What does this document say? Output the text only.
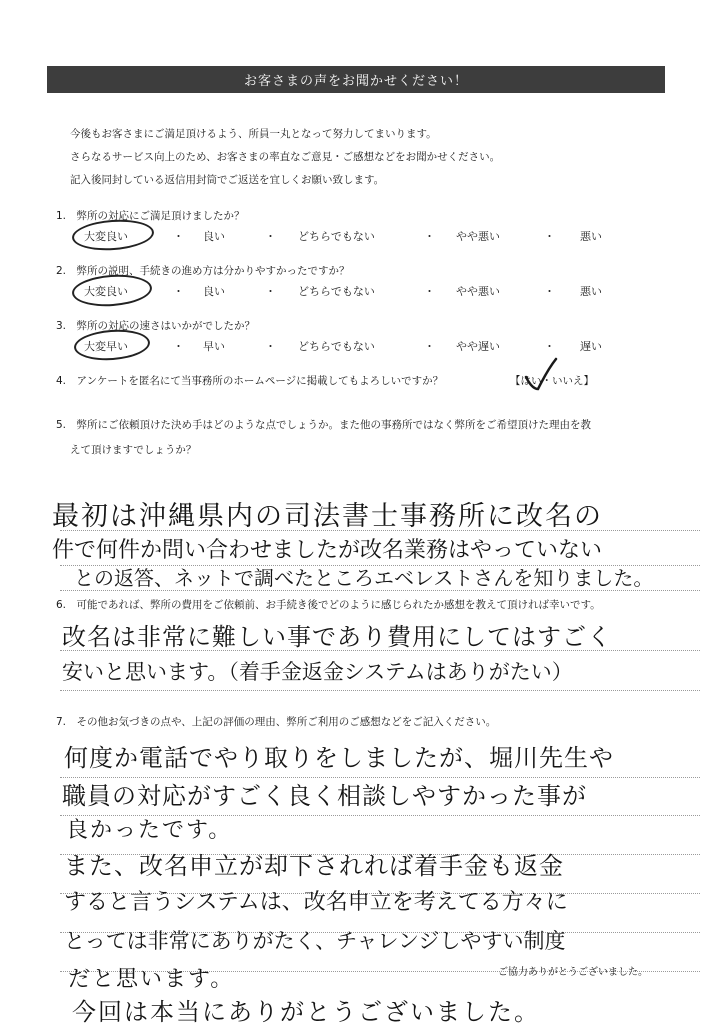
お客さまの声をお聞かせください！
今後もお客さまにご満足頂けるよう、所員一丸となって努力してまいります。
さらなるサービス向上のため、お客さまの率直なご意見・ご感想などをお聞かせください。
記入後同封している返信用封筒でご返送を宜しくお願い致します。
1.　弊所の対応にご満足頂けましたか？
大変良い	・ 良い	・ どちらでもない	・ やや悪い	・ 悪い
2.　弊所の説明、手続きの進め方は分かりやすかったですか？
大変良い	・ 良い	・ どちらでもない	・ やや悪い	・ 悪い
3.　弊所の対応の速さはいかがでしたか？
大変早い	・ 早い	・ どちらでもない	・ やや遅い	・ 遅い
4.　アンケートを匿名にて当事務所のホームページに掲載してもよろしいですか？	【はい・いいえ】
5.　弊所にご依頼頂けた決め手はどのような点でしょうか。また他の事務所ではなく弊所をご希望頂けた理由を教
えて頂けますでしょうか？
最初は沖縄県内の司法書士事務所に改名の
件で何件か問い合わせましたが改名業務はやっていない
との返答、ネットで調べたところエベレストさんを知りました。
6.　可能であれば、弊所の費用をご依頼前、お手続き後でどのように感じられたか感想を教えて頂ければ幸いです。
改名は非常に難しい事であり費用にしてはすごく
安いと思います。（着手金返金システムはありがたい）
7.　その他お気づきの点や、上記の評価の理由、弊所ご利用のご感想などをご記入ください。
何度か電話でやり取りをしましたが、堀川先生や
職員の対応がすごく良く相談しやすかった事が
良かったです。
また、改名申立が却下されれば着手金も返金
すると言うシステムは、改名申立を考えてる方々に
とっては非常にありがたく、チャレンジしやすい制度
だと思います。
今回は本当にありがとうございました。
ご協力ありがとうございました。
